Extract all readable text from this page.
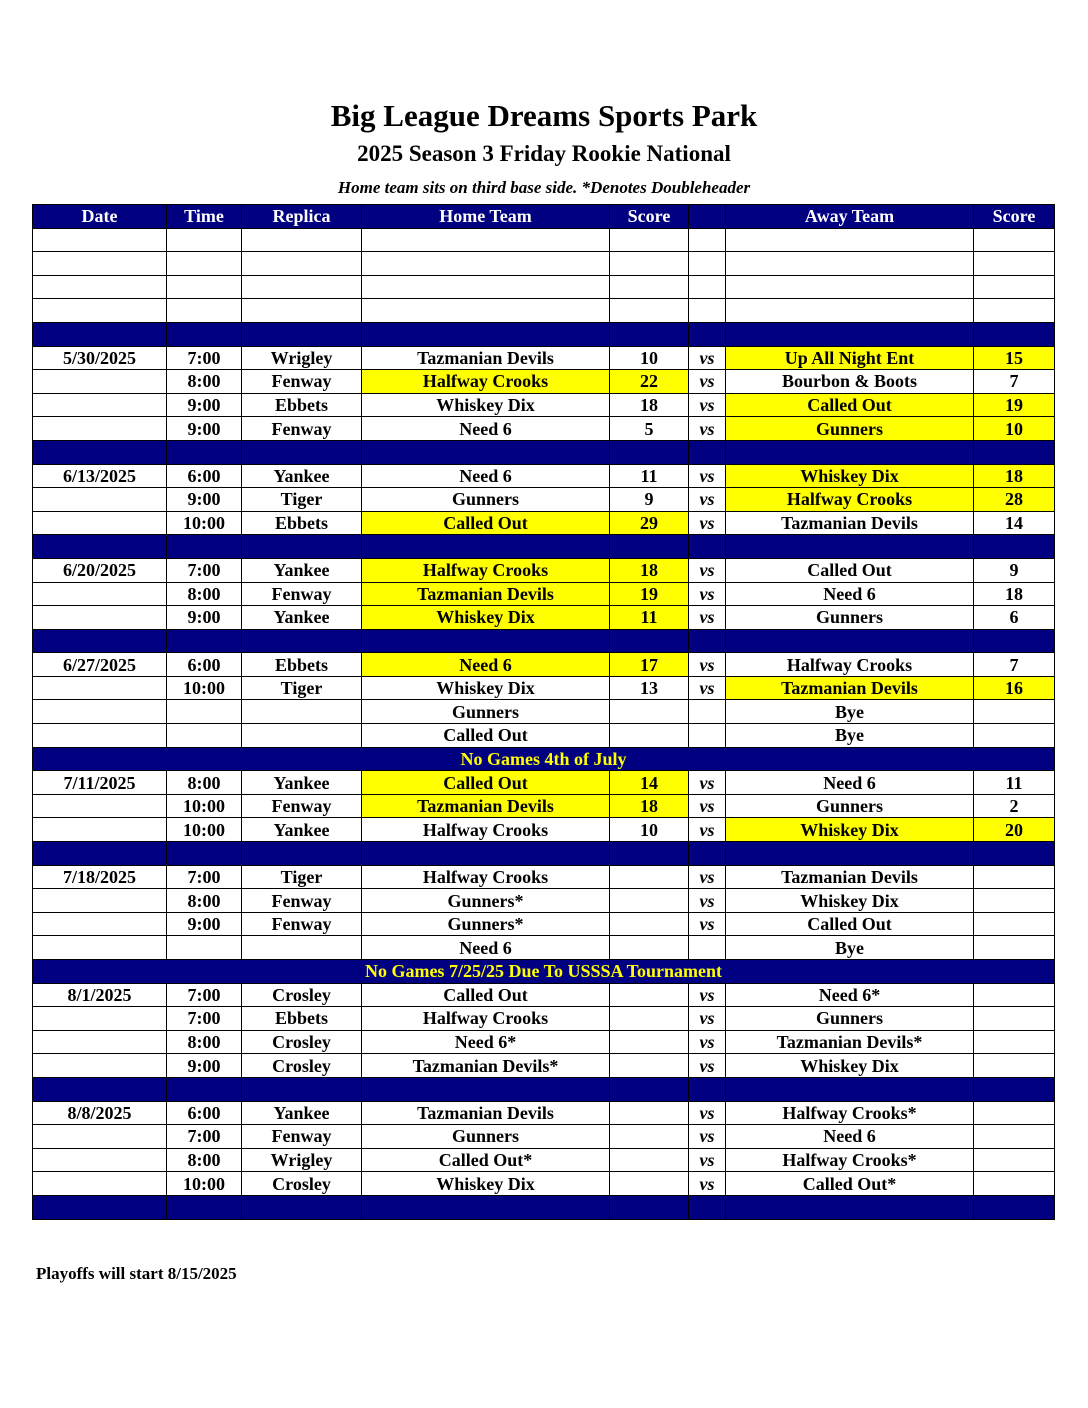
Big League Dreams Sports Park
2025 Season 3 Friday Rookie National
Home team sits on third base side. *Denotes Doubleheader
Date	Time	Replica	Home Team	Score		Away Team	Score

5/30/2025	7:00	Wrigley	Tazmanian Devils	10	vs	Up All Night Ent	15
	8:00	Fenway	Halfway Crooks	22	vs	Bourbon & Boots	7
	9:00	Ebbets	Whiskey Dix	18	vs	Called Out	19
	9:00	Fenway	Need 6	5	vs	Gunners	10

6/13/2025	6:00	Yankee	Need 6	11	vs	Whiskey Dix	18
	9:00	Tiger	Gunners	9	vs	Halfway Crooks	28
	10:00	Ebbets	Called Out	29	vs	Tazmanian Devils	14

6/20/2025	7:00	Yankee	Halfway Crooks	18	vs	Called Out	9
	8:00	Fenway	Tazmanian Devils	19	vs	Need 6	18
	9:00	Yankee	Whiskey Dix	11	vs	Gunners	6

6/27/2025	6:00	Ebbets	Need 6	17	vs	Halfway Crooks	7
	10:00	Tiger	Whiskey Dix	13	vs	Tazmanian Devils	16
			Gunners			Bye	
			Called Out			Bye	
No Games 4th of July							
7/11/2025	8:00	Yankee	Called Out	14	vs	Need 6	11
	10:00	Fenway	Tazmanian Devils	18	vs	Gunners	2
	10:00	Yankee	Halfway Crooks	10	vs	Whiskey Dix	20

7/18/2025	7:00	Tiger	Halfway Crooks		vs	Tazmanian Devils	
	8:00	Fenway	Gunners*		vs	Whiskey Dix	
	9:00	Fenway	Gunners*		vs	Called Out	
			Need 6			Bye	
No Games 7/25/25 Due To USSSA Tournament							
8/1/2025	7:00	Crosley	Called Out		vs	Need 6*	
	7:00	Ebbets	Halfway Crooks		vs	Gunners	
	8:00	Crosley	Need 6*		vs	Tazmanian Devils*	
	9:00	Crosley	Tazmanian Devils*		vs	Whiskey Dix	

8/8/2025	6:00	Yankee	Tazmanian Devils		vs	Halfway Crooks*	
	7:00	Fenway	Gunners		vs	Need 6	
	8:00	Wrigley	Called Out*		vs	Halfway Crooks*	
	10:00	Crosley	Whiskey Dix		vs	Called Out*	

Playoffs will start 8/15/2025
